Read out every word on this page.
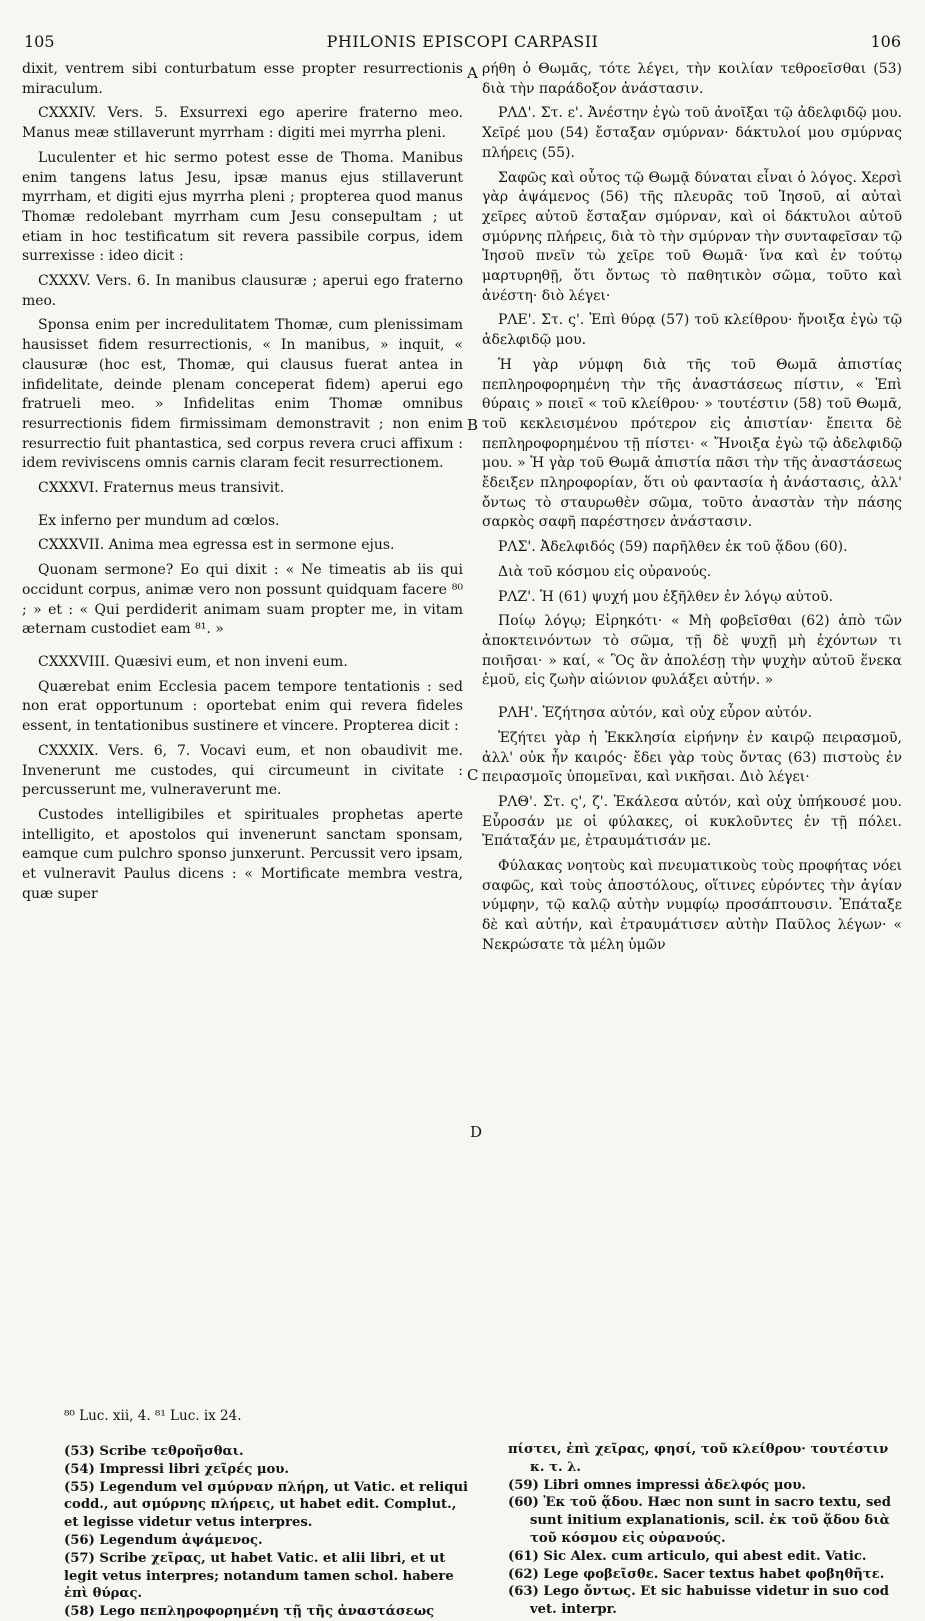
105	PHILONIS EPISCOPI CARPASII	106
A
B
C
D

dixit, ventrem sibi conturbatum esse propter resurrectionis miraculum.

CXXXIV. Vers. 5. Exsurrexi ego aperire fraterno meo. Manus meæ stillaverunt myrrham : digiti mei myrrha pleni.

Luculenter et hic sermo potest esse de Thoma. Manibus enim tangens latus Jesu, ipsæ manus ejus stillaverunt myrrham, et digiti ejus myrrha pleni ; propterea quod manus Thomæ redolebant myrrham cum Jesu consepultam ; ut etiam in hoc testificatum sit revera passibile corpus, idem surrexisse : ideo dicit :

CXXXV. Vers. 6. In manibus clausuræ ; aperui ego fraterno meo.

Sponsa enim per incredulitatem Thomæ, cum plenissimam hausisset fidem resurrectionis, « In manibus, » inquit, « clausuræ (hoc est, Thomæ, qui clausus fuerat antea in infidelitate, deinde plenam conceperat fidem) aperui ego fratrueli meo. » Infidelitas enim Thomæ omnibus resurrectionis fidem firmissimam demonstravit ; non enim resurrectio fuit phantastica, sed corpus revera cruci affixum : idem reviviscens omnis carnis claram fecit resurrectionem.

CXXXVI. Fraternus meus transivit.

Ex inferno per mundum ad cœlos.

CXXXVII. Anima mea egressa est in sermone ejus.

Quonam sermone? Eo qui dixit : « Ne timeatis ab iis qui occidunt corpus, animæ vero non possunt quidquam facere ⁸⁰ ; » et : « Qui perdiderit animam suam propter me, in vitam æternam custodiet eam ⁸¹. »

CXXXVIII. Quæsivi eum, et non inveni eum.

Quærebat enim Ecclesia pacem tempore tentationis : sed non erat opportunum : oportebat enim qui revera fideles essent, in tentationibus sustinere et vincere. Propterea dicit :

CXXXIX. Vers. 6, 7. Vocavi eum, et non obaudivit me. Invenerunt me custodes, qui circumeunt in civitate : percusserunt me, vulneraverunt me.

Custodes intelligibiles et spirituales prophetas aperte intelligito, et apostolos qui invenerunt sanctam sponsam, eamque cum pulchro sponso junxerunt. Percussit vero ipsam, et vulneravit Paulus dicens : « Mortificate membra vestra, quæ super

ρήθη ὁ Θωμᾶς, τότε λέγει, τὴν κοιλίαν τεθροεῖσθαι (53) διὰ τὴν παράδοξον ἀνάστασιν.

ΡΛΔ'. Στ. ε'. Ἀνέστην ἐγὼ τοῦ ἀνοῖξαι τῷ ἀδελφιδῷ μου. Χεῖρέ μου (54) ἔσταξαν σμύρναν· δάκτυλοί μου σμύρνας πλήρεις (55).

Σαφῶς καὶ οὗτος τῷ Θωμᾷ δύναται εἶναι ὁ λόγος. Χερσὶ γὰρ ἀψάμενος (56) τῆς πλευρᾶς τοῦ Ἰησοῦ, αἱ αὐταὶ χεῖρες αὐτοῦ ἔσταξαν σμύρναν, καὶ οἱ δάκτυλοι αὐτοῦ σμύρνης πλήρεις, διὰ τὸ τὴν σμύρναν τὴν συνταφεῖσαν τῷ Ἰησοῦ πνεῖν τὼ χεῖρε τοῦ Θωμᾶ· ἵνα καὶ ἐν τούτῳ μαρτυρηθῇ, ὅτι ὄντως τὸ παθητικὸν σῶμα, τοῦτο καὶ ἀνέστη· διὸ λέγει·

ΡΛΕ'. Στ. ς'. Ἐπὶ θύρᾳ (57) τοῦ κλείθρου· ἤνοιξα ἐγὼ τῷ ἀδελφιδῷ μου.

Ἡ γὰρ νύμφη διὰ τῆς τοῦ Θωμᾶ ἀπιστίας πεπληροφορημένη τὴν τῆς ἀναστάσεως πίστιν, « Ἐπὶ θύραις » ποιεῖ « τοῦ κλείθρου· » τουτέστιν (58) τοῦ Θωμᾶ, τοῦ κεκλεισμένου πρότερον εἰς ἀπιστίαν· ἔπειτα δὲ πεπληροφορημένου τῇ πίστει· « Ἤνοιξα ἐγὼ τῷ ἀδελφιδῷ μου. » Ἡ γὰρ τοῦ Θωμᾶ ἀπιστία πᾶσι τὴν τῆς ἀναστάσεως ἔδειξεν πληροφορίαν, ὅτι οὐ φαντασία ἡ ἀνάστασις, ἀλλ' ὄντως τὸ σταυρωθὲν σῶμα, τοῦτο ἀναστὰν τὴν πάσης σαρκὸς σαφῆ παρέστησεν ἀνάστασιν.

ΡΛΣ'. Ἀδελφιδός (59) παρῆλθεν ἐκ τοῦ ᾅδου (60).

Διὰ τοῦ κόσμου εἰς οὐρανούς.

ΡΛΖ'. Ἡ (61) ψυχή μου ἐξῆλθεν ἐν λόγῳ αὐτοῦ.

Ποίῳ λόγῳ; Εἰρηκότι· « Μὴ φοβεῖσθαι (62) ἀπὸ τῶν ἀποκτεινόντων τὸ σῶμα, τῇ δὲ ψυχῇ μὴ ἐχόντων τι ποιῆσαι· » καί, « Ὃς ἂν ἀπολέσῃ τὴν ψυχὴν αὐτοῦ ἕνεκα ἐμοῦ, εἰς ζωὴν αἰώνιον φυλάξει αὐτήν. »

ΡΛΗ'. Ἐζήτησα αὐτόν, καὶ οὐχ εὗρον αὐτόν.

Ἐζήτει γὰρ ἡ Ἐκκλησία εἰρήνην ἐν καιρῷ πειρασμοῦ, ἀλλ' οὐκ ἦν καιρός· ἔδει γὰρ τοὺς ὄντας (63) πιστοὺς ἐν πειρασμοῖς ὑπομεῖναι, καὶ νικῆσαι. Διὸ λέγει·

ΡΛΘ'. Στ. ς', ζ'. Ἐκάλεσα αὐτόν, καὶ οὐχ ὑπήκουσέ μου. Εὗροσάν με οἱ φύλακες, οἱ κυκλοῦντες ἐν τῇ πόλει. Ἐπάταξάν με, ἐτραυμάτισάν με.

Φύλακας νοητοὺς καὶ πνευματικοὺς τοὺς προφήτας νόει σαφῶς, καὶ τοὺς ἀποστόλους, οἵτινες εὑρόντες τὴν ἁγίαν νύμφην, τῷ καλῷ αὐτὴν νυμφίῳ προσάπτουσιν. Ἐπάταξε δὲ καὶ αὐτήν, καὶ ἐτραυμάτισεν αὐτὴν Παῦλος λέγων· « Νεκρώσατε τὰ μέλη ὑμῶν

⁸⁰ Luc. xii, 4. ⁸¹ Luc. ix 24.

(53) Scribe τεθροῆσθαι.

(54) Impressi libri χεῖρές μου.

(55) Legendum vel σμύρναν πλήρη, ut Vatic. et reliqui codd., aut σμύρνης πλήρεις, ut habet edit. Complut., et legisse videtur vetus interpres.

(56) Legendum ἀψάμενος.

(57) Scribe χεῖρας, ut habet Vatic. et alii libri, et ut legit vetus interpres; notandum tamen schol. habere ἐπὶ θύρας.

(58) Lego πεπληροφορημένη τῇ τῆς ἀναστάσεως

πίστει, ἐπὶ χεῖρας, φησί, τοῦ κλείθρου· τουτέστιν κ. τ. λ.

(59) Libri omnes impressi ἀδελφός μου.

(60) Ἐκ τοῦ ᾅδου. Hæc non sunt in sacro textu, sed sunt initium explanationis, scil. ἐκ τοῦ ᾅδου διὰ τοῦ κόσμου εἰς οὐρανούς.

(61) Sic Alex. cum articulo, qui abest edit. Vatic.

(62) Lege φοβεῖσθε. Sacer textus habet φοβηθῆτε.

(63) Lego ὄντως. Et sic habuisse videtur in suo cod vet. interpr.
